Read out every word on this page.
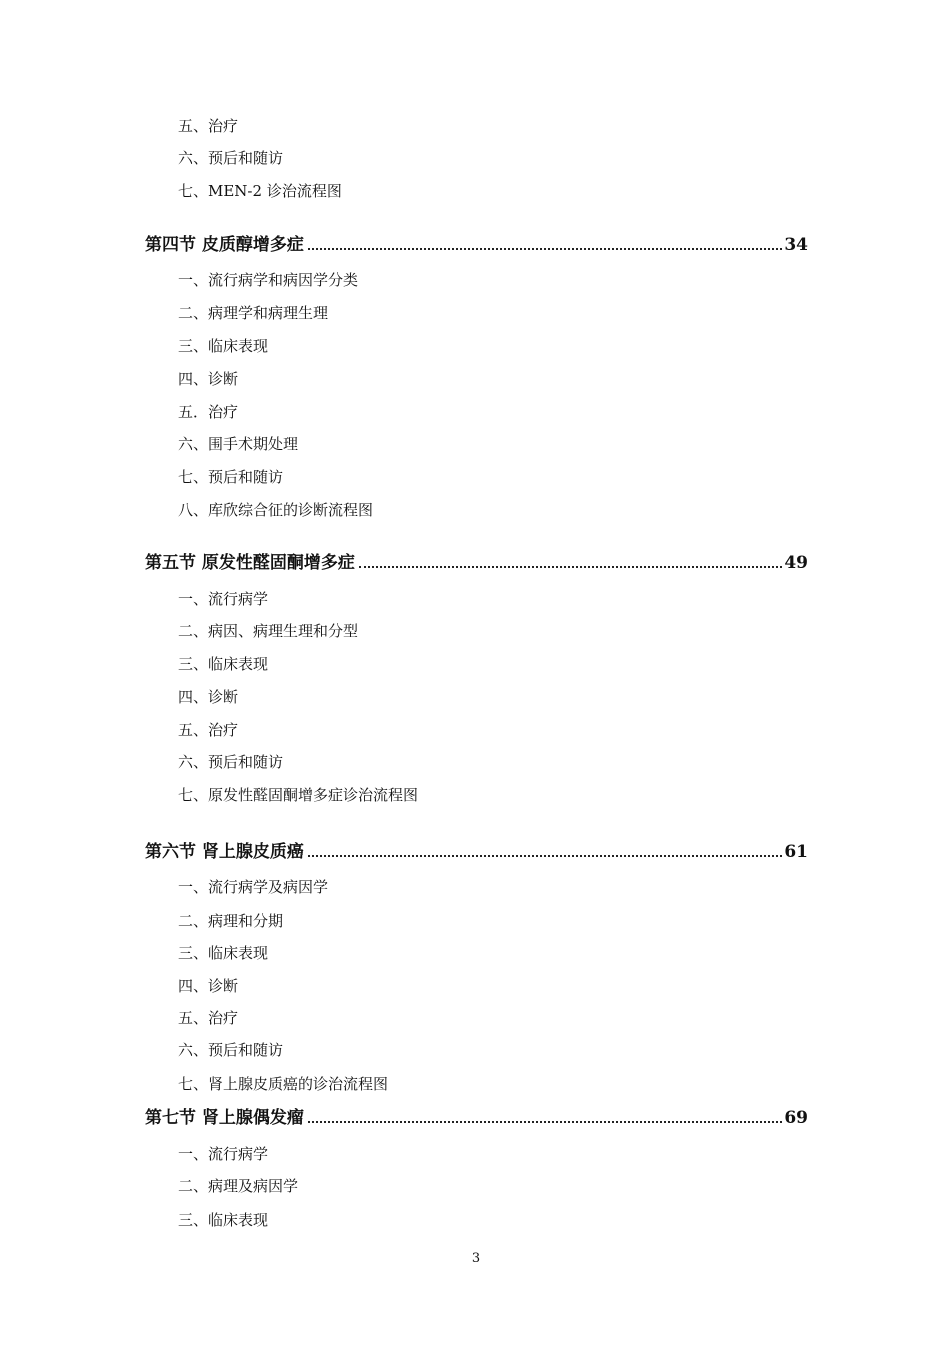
五、治疗
六、预后和随访
七、MEN-2 诊治流程图
第四节 皮质醇增多症	34
一、流行病学和病因学分类
二、病理学和病理生理
三、临床表现
四、诊断
五．治疗
六、围手术期处理
七、预后和随访
八、库欣综合征的诊断流程图
第五节 原发性醛固酮增多症	49
一、流行病学
二、病因、病理生理和分型
三、临床表现
四、诊断
五、治疗
六、预后和随访
七、原发性醛固酮增多症诊治流程图
第六节 肾上腺皮质癌	61
一、流行病学及病因学
二、病理和分期
三、临床表现
四、诊断
五、治疗
六、预后和随访
七、肾上腺皮质癌的诊治流程图
第七节 肾上腺偶发瘤	69
一、流行病学
二、病理及病因学
三、临床表现
3
